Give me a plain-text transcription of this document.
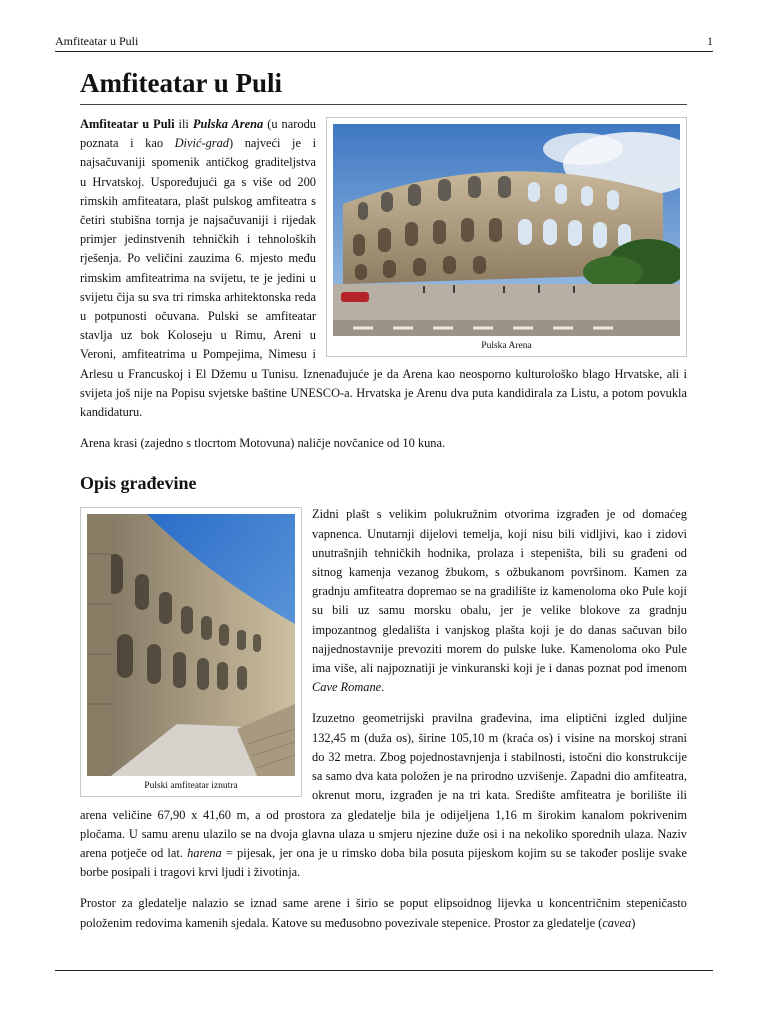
Amfiteatar u Puli	1
Amfiteatar u Puli
Pulska Arena

Amfiteatar u Puli ili Pulska Arena (u narodu poznata i kao Divić-grad) najveći je i najsačuvaniji spomenik antičkog graditeljstva u Hrvatskoj. Uspoređujući ga s više od 200 rimskih amfiteatara, plašt pulskog amfiteatra s četiri stubišna tornja je najsačuvaniji i rijedak primjer jedinstvenih tehničkih i tehnoloških rješenja. Po veličini zauzima 6. mjesto među rimskim amfiteatrima na svijetu, te je jedini u svijetu čija su sva tri rimska arhitektonska reda u potpunosti očuvana. Pulski se amfiteatar stavlja uz bok Koloseju u Rimu, Areni u Veroni, amfiteatrima u Pompejima, Nimesu i Arlesu u Francuskoj i El Džemu u Tunisu. Iznenađujuće je da Arena kao neosporno kulturološko blago Hrvatske, ali i svijeta još nije na Popisu svjetske baštine UNESCO-a. Hrvatska je Arenu dva puta kandidirala za Listu, a potom povukla kandidaturu.

Arena krasi (zajedno s tlocrtom Motovuna) naličje novčanice od 10 kuna.

Opis građevine
Pulski amfiteatar iznutra

Zidni plašt s velikim polukružnim otvorima izgrađen je od domaćeg vapnenca. Unutarnji dijelovi temelja, koji nisu bili vidljivi, kao i zidovi unutrašnjih tehničkih hodnika, prolaza i stepeništa, bili su građeni od sitnog kamenja vezanog žbukom, s ožbukanom površinom. Kamen za gradnju amfiteatra dopremao se na gradilište iz kamenoloma oko Pule koji su bili uz samu morsku obalu, jer je velike blokove za gradnju impozantnog gledališta i vanjskog plašta koji je do danas sačuvan bilo najjednostavnije prevoziti morem do pulske luke. Kamenoloma oko Pule ima više, ali najpoznatiji je vinkuranski koji je i danas poznat pod imenom Cave Romane.

Izuzetno geometrijski pravilna građevina, ima eliptični izgled duljine 132,45 m (duža os), širine 105,10 m (kraća os) i visine na morskoj strani do 32 metra. Zbog pojednostavnjenja i stabilnosti, istočni dio konstrukcije sa samo dva kata položen je na prirodno uzvišenje. Zapadni dio amfiteatra, okrenut moru, izgrađen je na tri kata. Središte amfiteatra je borilište ili arena veličine 67,90 x 41,60 m, a od prostora za gledatelje bila je odijeljena 1,16 m širokim kanalom pokrivenim pločama. U samu arenu ulazilo se na dvoja glavna ulaza u smjeru njezine duže osi i na nekoliko sporednih ulaza. Naziv arena potječe od lat. harena = pijesak, jer ona je u rimsko doba bila posuta pijeskom kojim su se također poslije svake borbe posipali i tragovi krvi ljudi i životinja.

Prostor za gledatelje nalazio se iznad same arene i širio se poput elipsoidnog lijevka u koncentričnim stepeničasto položenim redovima kamenih sjedala. Katove su međusobno povezivale stepenice. Prostor za gledatelje (cavea)
